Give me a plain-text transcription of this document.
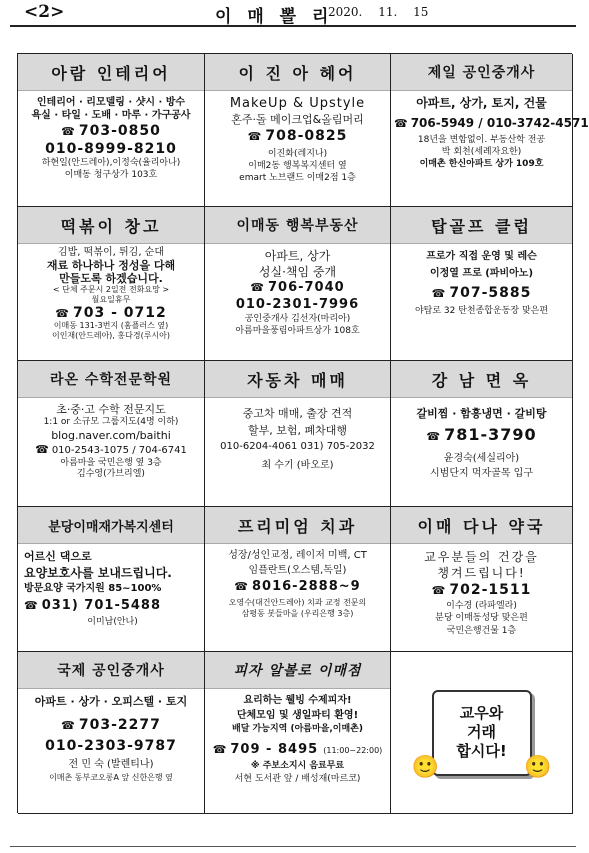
<2>	이 매 뽈 리
2020. 11. 15
아람 인테리어
인테리어 · 리모델링 · 샷시 · 방수
욕실 · 타일 · 도배 · 마루 · 가구공사
☎ 703-0850
010-8999-8210
하현일(안드레아),이정숙(율리아나)
이매동 청구상가 103호
이 진 아 헤어
MakeUp & Upstyle
혼주·돌 메이크업&올림머리
☎ 708-0825
이진화(레지나)
이매2동 행복복지센터 옆
emart 노브랜드 이매2점 1층
제일 공인중개사
아파트, 상가, 토지, 건물
☎ 706-5949 / 010-3742-4571
18년을 변함없이. 부동산학 전공
박 회천(세례자요한)
이매촌 한신아파트 상가 109호
떡볶이 창고
김밥, 떡볶이, 튀김, 순대
재료 하나하나 정성을 다해
만들도록 하겠습니다.
< 단체 주문시 2일전 전화요망 >
월요일휴무
☎ 703 - 0712
이매동 131-3번지 (홈플러스 옆)
이인재(안드레아), 홍다경(루시아)
이매동 행복부동산
아파트, 상가
성실·책임 중개
☎ 706-7040
010-2301-7996
공인중개사 김선자(마리아)
아름마을풍림아파트상가 108호
탑골프 클럽
프로가 직접 운영 및 레슨
이정열 프로 (파비아노)
☎ 707-5885
야탑로 32 탄천종합운동장 맞은편
라온 수학전문학원
초·중·고 수학 전문지도
1:1 or 소규모 그룹지도(4명 이하)
blog.naver.com/baithi
☎ 010-2543-1075 / 704-6741
아름마을 국민은행 옆 3층
김수영(가브리엘)
자동차 매매
중고차 매매, 출장 견적
할부, 보험, 폐차대행
010-6204-4061 031) 705-2032
최 수기 (바오로)
강 남 면 옥
갈비찜 · 함흥냉면 · 갈비탕
☎ 781-3790
윤경숙(세실리아)
시범단지 먹자골목 입구
분당이매재가복지센터
어르신 댁으로
요양보호사를 보내드립니다.
방문요양 국가지원 85~100%
☎ 031) 701-5488
이미남(안나)
프리미엄 치과
성장/성인교정, 레이저 미백, CT
임플란트(오스템,독일)
☎ 8016-2888~9
오영수(대건안드레아) 치과 교정 전문의
삼평동 봇들마을 (우리은행 3층)
이매 다나 약국
교우분들의 건강을
챙겨드립니다!
☎ 702-1511
이수경 (라파엘라)
분당 이매동성당 맞은편
국민은행건물 1층
국제 공인중개사
아파트 · 상가 · 오피스텔 · 토지
☎ 703-2277
010-2303-9787
전 민 숙 (발렌티나)
이매촌 동부코오롱A 앞 신한은행 옆
피자 알볼로 이매점
요리하는 웰빙 수제피자!
단체모임 및 생일파티 환영!
배달 가능지역 (아름마을,이매촌)
☎ 709 - 8495 (11:00~22:00)
※ 주보소지시 음료무료
서현 도서관 앞 / 배성재(마르코)	🙂
교우와
거래
합시다!
🙂
